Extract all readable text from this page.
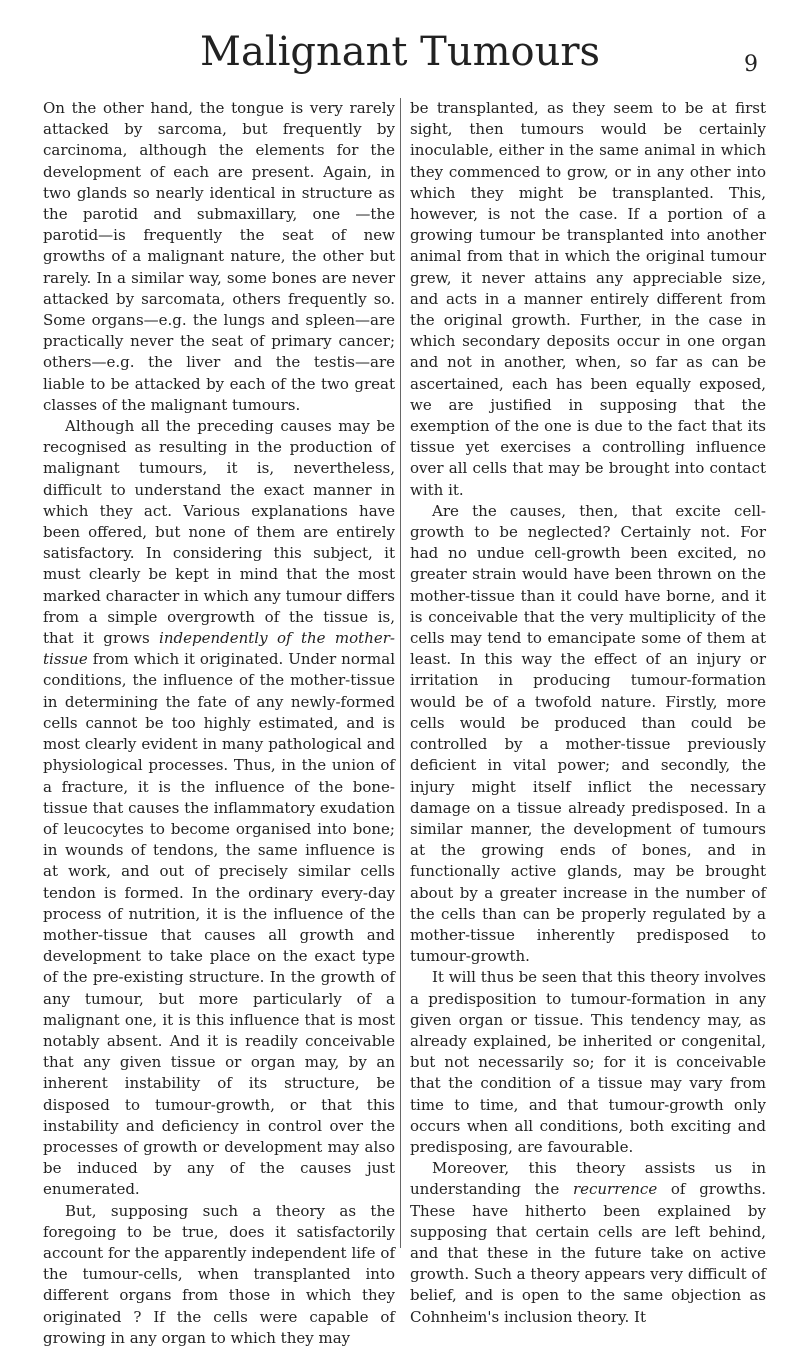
Malignant Tumours	9

On the other hand, the tongue is very rarely attacked by sarcoma, but frequently by carcinoma, although the elements for the development of each are present. Again, in two glands so nearly identical in structure as the parotid and submaxillary, one —the parotid—is frequently the seat of new growths of a malignant nature, the other but rarely. In a similar way, some bones are never attacked by sarcomata, others frequently so. Some organs—e.g. the lungs and spleen—are practically never the seat of primary cancer; others—e.g. the liver and the testis—are liable to be attacked by each of the two great classes of the malignant tumours.

Although all the preceding causes may be recognised as resulting in the production of malignant tumours, it is, nevertheless, difficult to understand the exact manner in which they act. Various explanations have been offered, but none of them are entirely satisfactory. In considering this subject, it must clearly be kept in mind that the most marked character in which any tumour differs from a simple overgrowth of the tissue is, that it grows independently of the mother-tissue from which it originated. Under normal conditions, the influence of the mother-tissue in determining the fate of any newly-formed cells cannot be too highly estimated, and is most clearly evident in many pathological and physiological processes. Thus, in the union of a fracture, it is the influence of the bone-tissue that causes the inflammatory exudation of leucocytes to become organised into bone; in wounds of tendons, the same influence is at work, and out of precisely similar cells tendon is formed. In the ordinary every-day process of nutrition, it is the influence of the mother-tissue that causes all growth and development to take place on the exact type of the pre-existing structure. In the growth of any tumour, but more particularly of a malignant one, it is this influence that is most notably absent. And it is readily conceivable that any given tissue or organ may, by an inherent instability of its structure, be disposed to tumour-growth, or that this instability and deficiency in control over the processes of growth or development may also be induced by any of the causes just enumerated.

But, supposing such a theory as the foregoing to be true, does it satisfactorily account for the apparently independent life of the tumour-cells, when transplanted into different organs from those in which they originated ? If the cells were capable of growing in any organ to which they may

be transplanted, as they seem to be at first sight, then tumours would be certainly inoculable, either in the same animal in which they commenced to grow, or in any other into which they might be transplanted. This, however, is not the case. If a portion of a growing tumour be transplanted into another animal from that in which the original tumour grew, it never attains any appreciable size, and acts in a manner entirely different from the original growth. Further, in the case in which secondary deposits occur in one organ and not in another, when, so far as can be ascertained, each has been equally exposed, we are justified in supposing that the exemption of the one is due to the fact that its tissue yet exercises a controlling influence over all cells that may be brought into contact with it.

Are the causes, then, that excite cell-growth to be neglected? Certainly not. For had no undue cell-growth been excited, no greater strain would have been thrown on the mother-tissue than it could have borne, and it is conceivable that the very multiplicity of the cells may tend to emancipate some of them at least. In this way the effect of an injury or irritation in producing tumour-formation would be of a twofold nature. Firstly, more cells would be produced than could be controlled by a mother-tissue previously deficient in vital power; and secondly, the injury might itself inflict the necessary damage on a tissue already predisposed. In a similar manner, the development of tumours at the growing ends of bones, and in functionally active glands, may be brought about by a greater increase in the number of the cells than can be properly regulated by a mother-tissue inherently predisposed to tumour-growth.

It will thus be seen that this theory involves a predisposition to tumour-formation in any given organ or tissue. This tendency may, as already explained, be inherited or congenital, but not necessarily so; for it is conceivable that the condition of a tissue may vary from time to time, and that tumour-growth only occurs when all conditions, both exciting and predisposing, are favourable.

Moreover, this theory assists us in understanding the recurrence of growths. These have hitherto been explained by supposing that certain cells are left behind, and that these in the future take on active growth. Such a theory appears very difficult of belief, and is open to the same objection as Cohnheim's inclusion theory. It
